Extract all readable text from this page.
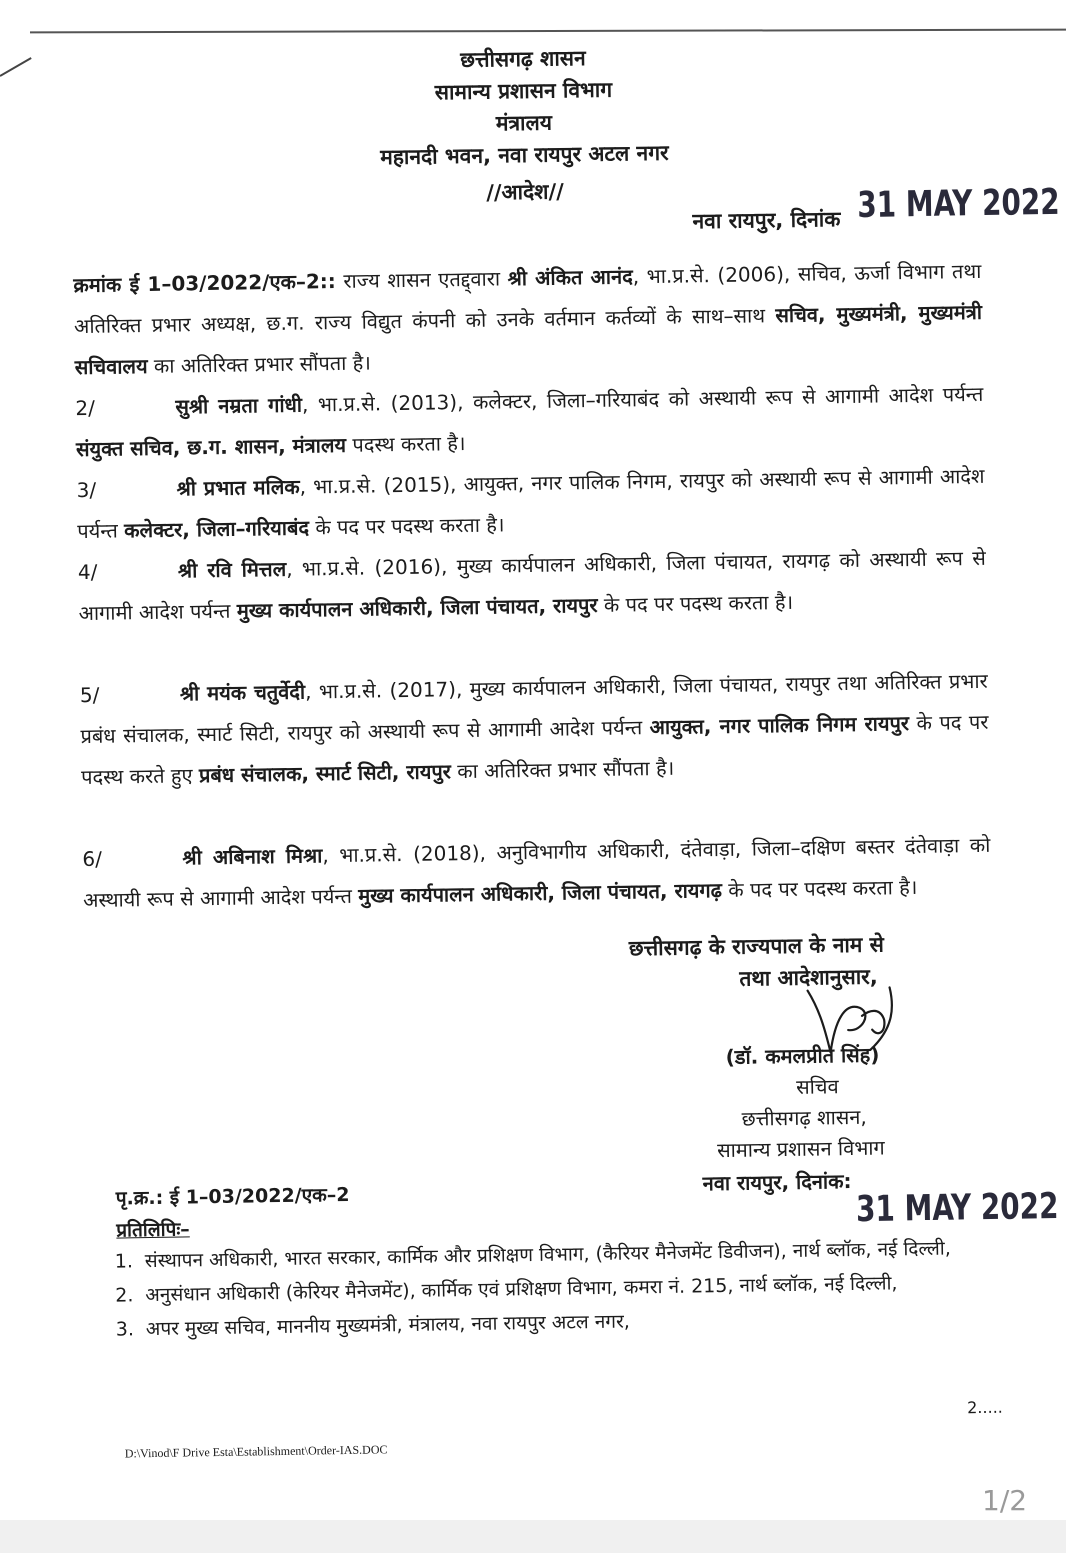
छत्तीसगढ़ शासन
सामान्य प्रशासन विभाग
मंत्रालय
महानदी भवन, नवा रायपुर अटल नगर
//आदेश//
नवा रायपुर, दिनांक 31 MAY 2022
क्रमांक ई 1–03/2022/एक–2:: राज्य शासन एतद्द्वारा श्री अंकित आनंद, भा.प्र.से. (2006), सचिव, ऊर्जा विभाग तथा अतिरिक्त प्रभार अध्यक्ष, छ.ग. राज्य विद्युत कंपनी को उनके वर्तमान कर्तव्यों के साथ–साथ सचिव, मुख्यमंत्री, मुख्यमंत्री सचिवालय का अतिरिक्त प्रभार सौंपता है।
2/	सुश्री नम्रता गांधी, भा.प्र.से. (2013), कलेक्टर, जिला–गरियाबंद को अस्थायी रूप से आगामी आदेश पर्यन्त संयुक्त सचिव, छ.ग. शासन, मंत्रालय पदस्थ करता है।
3/	श्री प्रभात मलिक, भा.प्र.से. (2015), आयुक्त, नगर पालिक निगम, रायपुर को अस्थायी रूप से आगामी आदेश पर्यन्त कलेक्टर, जिला–गरियाबंद के पद पर पदस्थ करता है।
4/	श्री रवि मित्तल, भा.प्र.से. (2016), मुख्य कार्यपालन अधिकारी, जिला पंचायत, रायगढ़ को अस्थायी रूप से आगामी आदेश पर्यन्त मुख्य कार्यपालन अधिकारी, जिला पंचायत, रायपुर के पद पर पदस्थ करता है।
5/	श्री मयंक चतुर्वेदी, भा.प्र.से. (2017), मुख्य कार्यपालन अधिकारी, जिला पंचायत, रायपुर तथा अतिरिक्त प्रभार प्रबंध संचालक, स्मार्ट सिटी, रायपुर को अस्थायी रूप से आगामी आदेश पर्यन्त आयुक्त, नगर पालिक निगम रायपुर के पद पर पदस्थ करते हुए प्रबंध संचालक, स्मार्ट सिटी, रायपुर का अतिरिक्त प्रभार सौंपता है।
6/	श्री अबिनाश मिश्रा, भा.प्र.से. (2018), अनुविभागीय अधिकारी, दंतेवाड़ा, जिला–दक्षिण बस्तर दंतेवाड़ा को अस्थायी रूप से आगामी आदेश पर्यन्त मुख्य कार्यपालन अधिकारी, जिला पंचायत, रायगढ़ के पद पर पदस्थ करता है।
छत्तीसगढ़ के राज्यपाल के नाम से
तथा आदेशानुसार,
(डॉ. कमलप्रीत सिंह)
सचिव
छत्तीसगढ़ शासन,
सामान्य प्रशासन विभाग
पृ.क्र.: ई 1–03/2022/एक–2
नवा रायपुर, दिनांक:
31 MAY 2022
प्रतिलिपिः–
1. संस्थापन अधिकारी, भारत सरकार, कार्मिक और प्रशिक्षण विभाग, (कैरियर मैनेजमेंट डिवीजन), नार्थ ब्लॉक, नई दिल्ली,
2. अनुसंधान अधिकारी (केरियर मैनेजमेंट), कार्मिक एवं प्रशिक्षण विभाग, कमरा नं. 215, नार्थ ब्लॉक, नई दिल्ली,
3. अपर मुख्य सचिव, माननीय मुख्यमंत्री, मंत्रालय, नवा रायपुर अटल नगर,
2.....
D:\Vinod\F Drive Esta\Establishment\Order-IAS.DOC
1/2
